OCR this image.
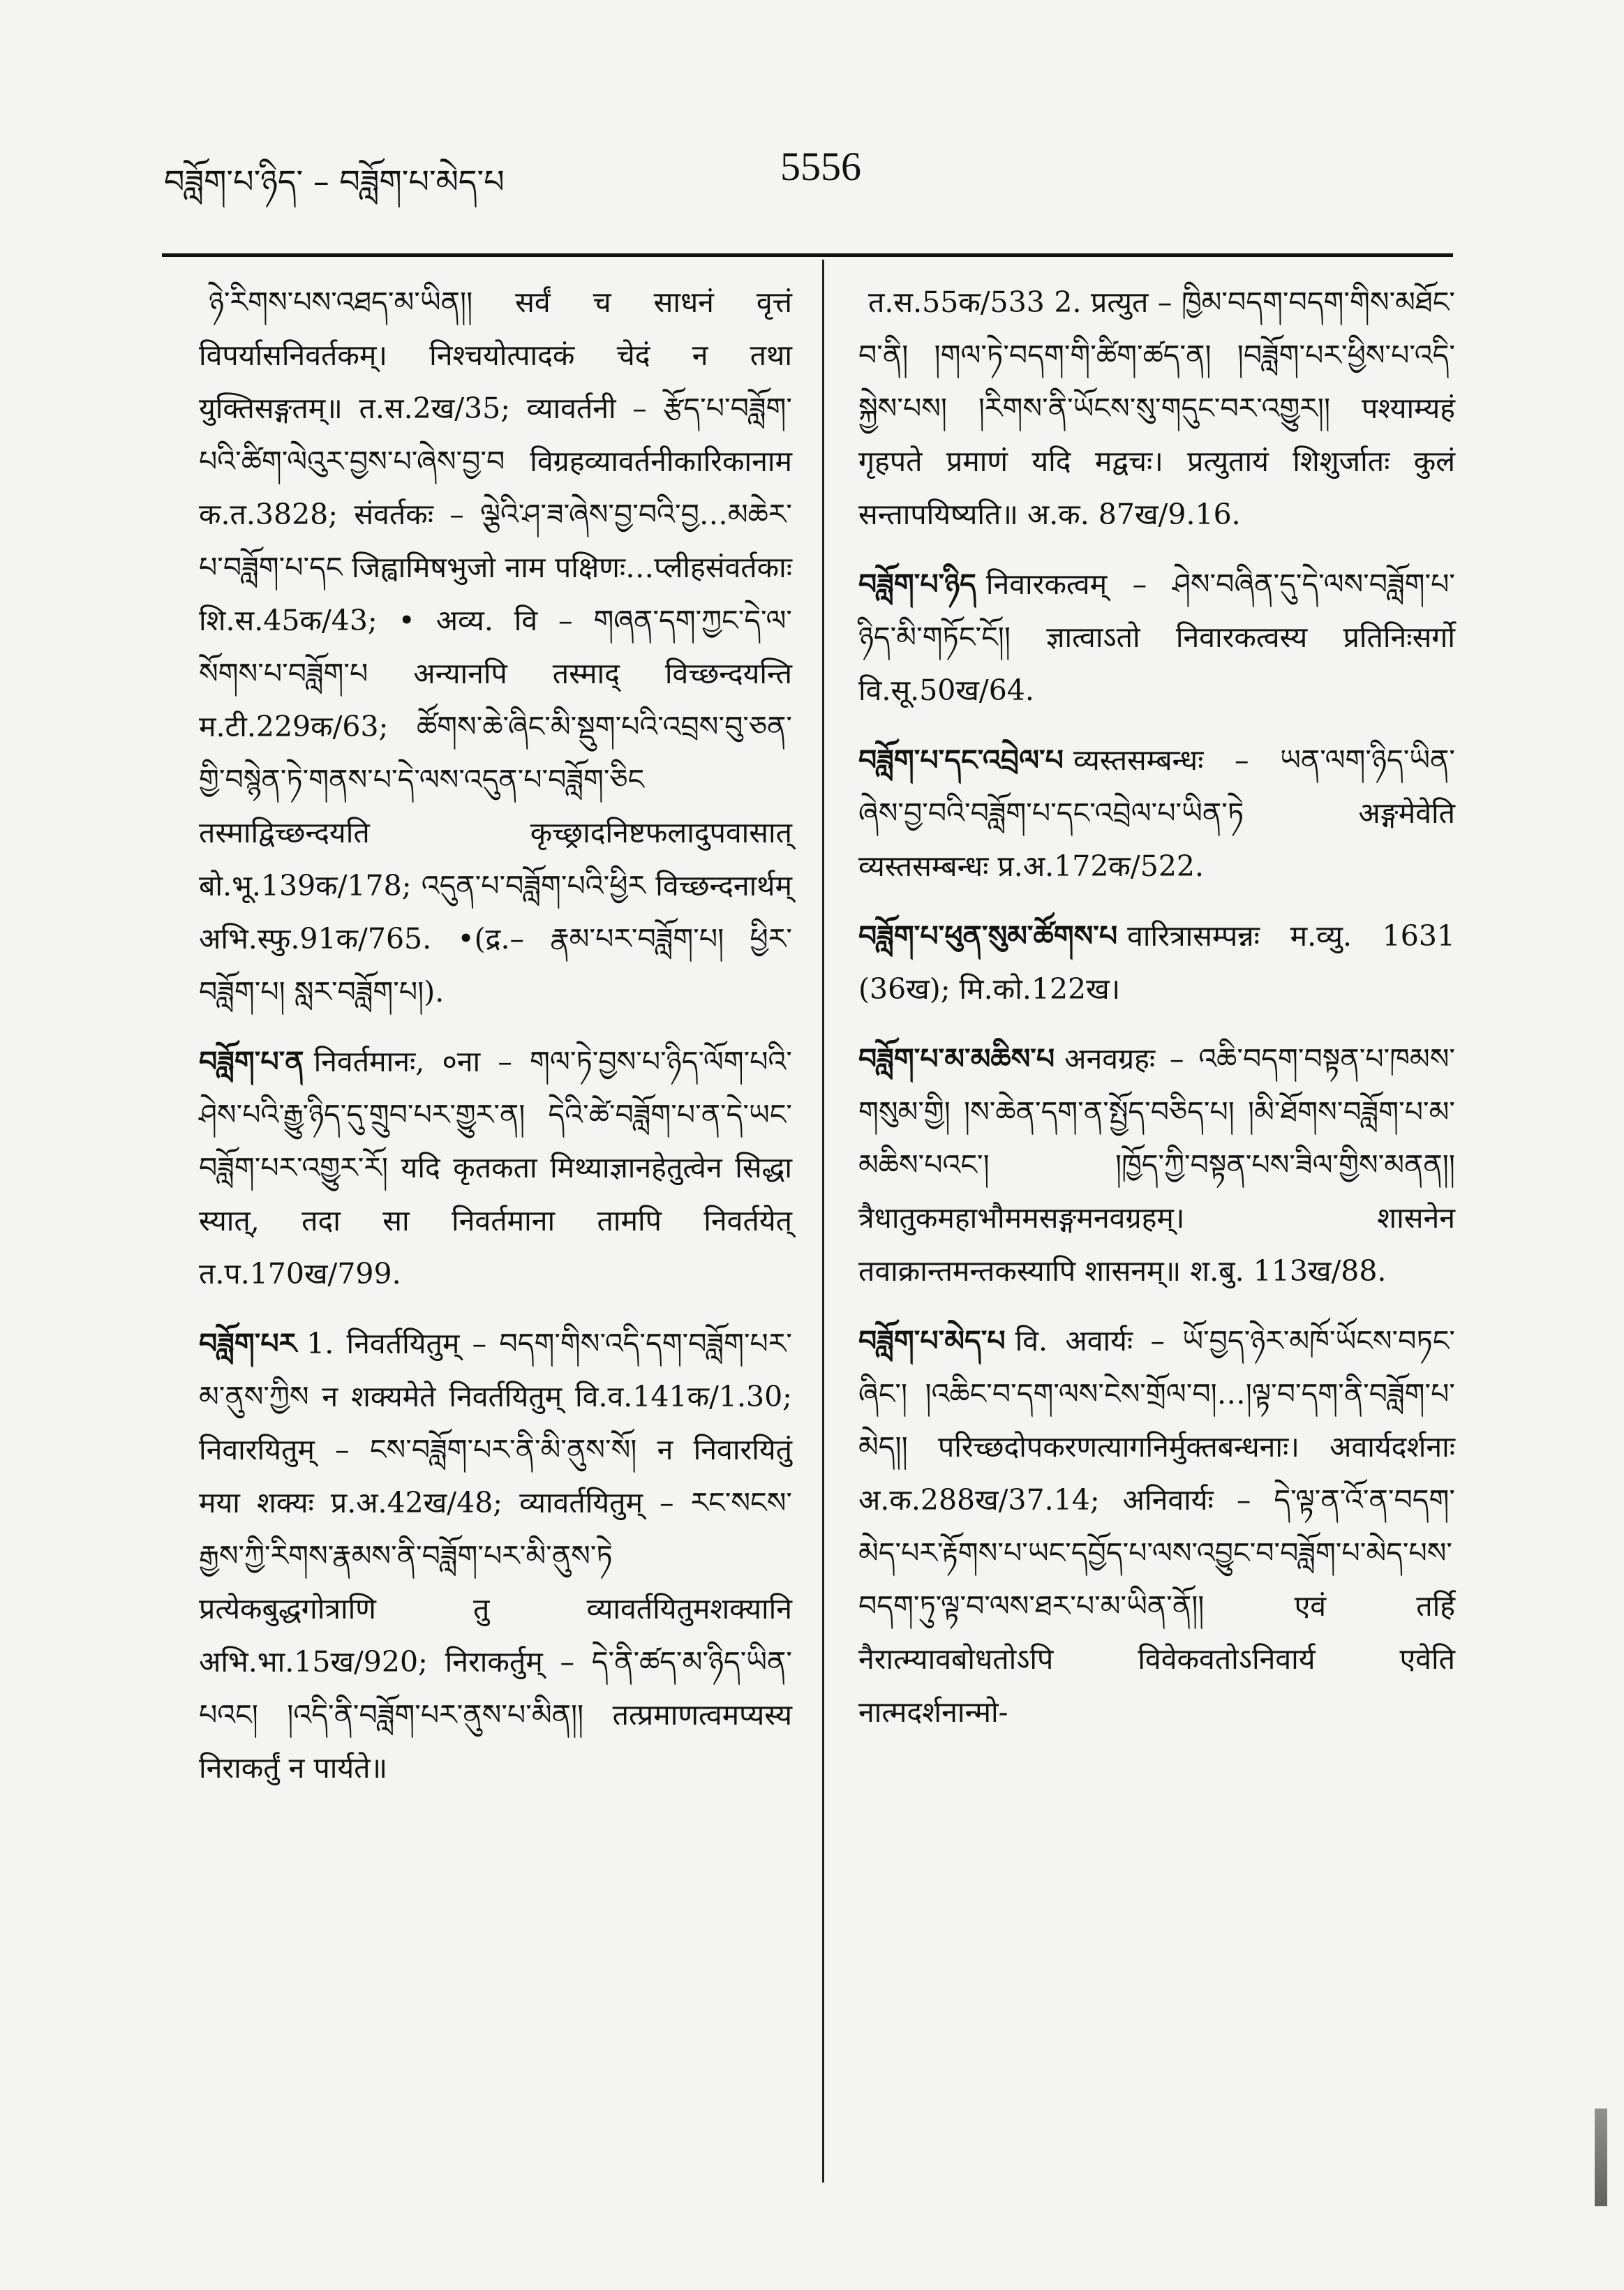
བཟློག་པ་ཉིད་ – བཟློག་པ་མེད་པ	5556

ཉེ་རིགས་པས་འཐད་མ་ཡིན།། सर्वं च साधनं वृत्तं विपर्यासनिवर्तकम्। निश्चयोत्पादकं चेदं न तथा युक्तिसङ्गतम्॥ त.स.2ख/35; व्यावर्तनी – རྩོད་པ་བཟློག་པའི་ཚིག་ལེའུར་བྱས་པ་ཞེས་བྱ་བ विग्रहव्यावर्तनीकारिकानाम क.त.3828; संवर्तकः – ལྕེའི་ཤ་ཟ་ཞེས་བྱ་བའི་བྱ…མཆེར་པ་བཟློག་པ་དང जिह्वामिषभुजो नाम पक्षिणः…प्लीहसंवर्तकाः शि.स.45क/43; • अव्य. वि – གཞན་དག་ཀྱང་དེ་ལ་སོགས་པ་བཟློག་པ अन्यानपि तस्माद् विच्छन्दयन्ति म.टी.229क/63; ཚོགས་ཆེ་ཞིང་མི་སྡུག་པའི་འབྲས་བུ་ཅན་གྱི་བསྙེན་ཏེ་གནས་པ་དེ་ལས་འདུན་པ་བཟློག་ཅིང तस्माद्विच्छन्दयति कृच्छ्रादनिष्टफलादुपवासात् बो.भू.139क/178; འདུན་པ་བཟློག་པའི་ཕྱིར विच्छन्दनार्थम् अभि.स्फु.91क/765. •(द्र.– རྣམ་པར་བཟློག་པ། ཕྱིར་བཟློག་པ། སླར་བཟློག་པ།).

བཟློག་པ་ན निवर्तमानः, ०ना – གལ་ཏེ་བྱས་པ་ཉིད་ལོག་པའི་ཤེས་པའི་རྒྱུ་ཉིད་དུ་གྲུབ་པར་གྱུར་ན། དེའི་ཚེ་བཟློག་པ་ན་དེ་ཡང་བཟློག་པར་འགྱུར་རོ། यदि कृतकता मिथ्याज्ञानहेतुत्वेन सिद्धा स्यात्, तदा सा निवर्तमाना तामपि निवर्तयेत् त.प.170ख/799.

བཟློག་པར 1. निवर्तयितुम् – བདག་གིས་འདི་དག་བཟློག་པར་མ་ནུས་ཀྱིས न शक्यमेते निवर्तयितुम् वि.व.141क/1.30; निवारयितुम् – ངས་བཟློག་པར་ནི་མི་ནུས་སོ། न निवारयितुं मया शक्यः प्र.अ.42ख/48; व्यावर्तयितुम् – རང་སངས་རྒྱས་ཀྱི་རིགས་རྣམས་ནི་བཟློག་པར་མི་ནུས་ཏེ प्रत्येकबुद्धगोत्राणि तु व्यावर्तयितुमशक्यानि अभि.भा.15ख/920; निराकर्तुम् – དེ་ནི་ཚད་མ་ཉིད་ཡིན་པའང། །འདི་ནི་བཟློག་པར་ནུས་པ་མིན།། तत्प्रमाणत्वमप्यस्य निराकर्तुं न पार्यते॥

त.स.55क/533 2. प्रत्युत – ཁྱིམ་བདག་བདག་གིས་མཐོང་བ་ནི། །གལ་ཏེ་བདག་གི་ཚིག་ཚད་ན། །བཟློག་པར་ཕྱིས་པ་འདི་སྐྱེས་པས། །རིགས་ནི་ཡོངས་སུ་གདུང་བར་འགྱུར།། पश्याम्यहं गृहपते प्रमाणं यदि मद्वचः। प्रत्युतायं शिशुर्जातः कुलं सन्तापयिष्यति॥ अ.क. 87ख/9.16.

བཟློག་པ་ཉིད निवारकत्वम् – ཤེས་བཞིན་དུ་དེ་ལས་བཟློག་པ་ཉིད་མི་གཏོང་ངོ།། ज्ञात्वाऽतो निवारकत्वस्य प्रतिनिःसर्गो वि.सू.50ख/64.

བཟློག་པ་དང་འབྲེལ་པ व्यस्तसम्बन्धः – ཡན་ལག་ཉིད་ཡིན་ཞེས་བྱ་བའི་བཟློག་པ་དང་འབྲེལ་པ་ཡིན་ཏེ अङ्गमेवेति व्यस्तसम्बन्धः प्र.अ.172क/522.

བཟློག་པ་ཕུན་སུམ་ཚོགས་པ वारित्रासम्पन्नः म.व्यु. 1631 (36ख); मि.को.122ख।

བཟློག་པ་མ་མཆིས་པ अनवग्रहः – འཆི་བདག་བསྟན་པ་ཁམས་གསུམ་གྱི། །ས་ཆེན་དག་ན་སྤྱོད་བཅིད་པ། །མི་ཐོགས་བཟློག་པ་མ་མཆིས་པའང་། །ཁྱོད་ཀྱི་བསྟན་པས་ཟིལ་གྱིས་མནན།། त्रैधातुकमहाभौममसङ्गमनवग्रहम्। शासनेन तवाक्रान्तमन्तकस्यापि शासनम्॥ श.बु. 113ख/88.

བཟློག་པ་མེད་པ वि. अवार्यः – ཡོ་བྱད་ཉེར་མཁོ་ཡོངས་བཏང་ཞིང་། །འཆིང་བ་དག་ལས་ངེས་གྲོལ་བ།…།ལྟ་བ་དག་ནི་བཟློག་པ་མེད།། परिच्छदोपकरणत्यागनिर्मुक्तबन्धनाः। अवार्यदर्शनाः अ.क.288ख/37.14; अनिवार्यः – དེ་ལྟ་ན་འོ་ན་བདག་མེད་པར་རྟོགས་པ་ཡང་དབྱོད་པ་ལས་འབྱུང་བ་བཟློག་པ་མེད་པས་བདག་ཏུ་ལྟ་བ་ལས་ཐར་པ་མ་ཡིན་ནོ།། एवं तर्हि नैरात्म्यावबोधतोऽपि विवेकवतोऽनिवार्य एवेति नात्मदर्शनान्मो-
